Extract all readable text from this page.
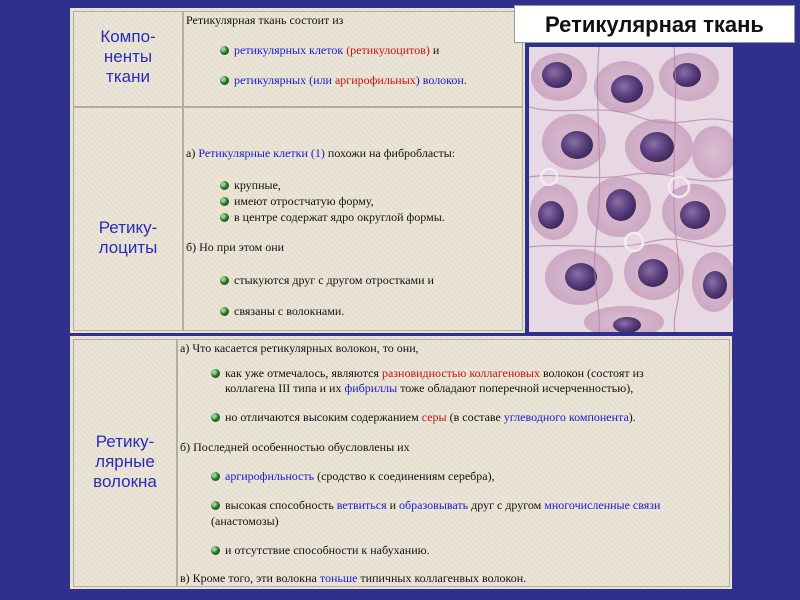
Компо-
ненты
ткани
Ретикулярная ткань состоит из
ретикулярных клеток (ретикулоцитов) и
ретикулярных (или аргирофильных) волокон.
Ретику-
лоциты
а) Ретикулярные клетки (1) похожи на фибробласты:
крупные,
имеют отростчатую форму,
в центре содержат ядро округлой формы.
б) Но при этом они
стыкуются друг с другом отростками и
связаны с волокнами.
Ретикулярная ткань
Ретику-
лярные
волокна
а) Что касается ретикулярных волокон, то они,
как уже отмечалось, являются разновидностью коллагеновых волокон (состоят из
коллагена III типа и их фибриллы тоже обладают поперечной исчерченностью),
но отличаются высоким содержанием серы (в составе углеводного компонента).
б) Последней особенностью обусловлены их
аргирофильность (сродство к соединениям серебра),
высокая способность ветвиться и образовывать друг с другом многочисленные связи
(анастомозы)
и отсутствие способности к набуханию.
в) Кроме того, эти волокна тоньше типичных коллагенвых волокон.
